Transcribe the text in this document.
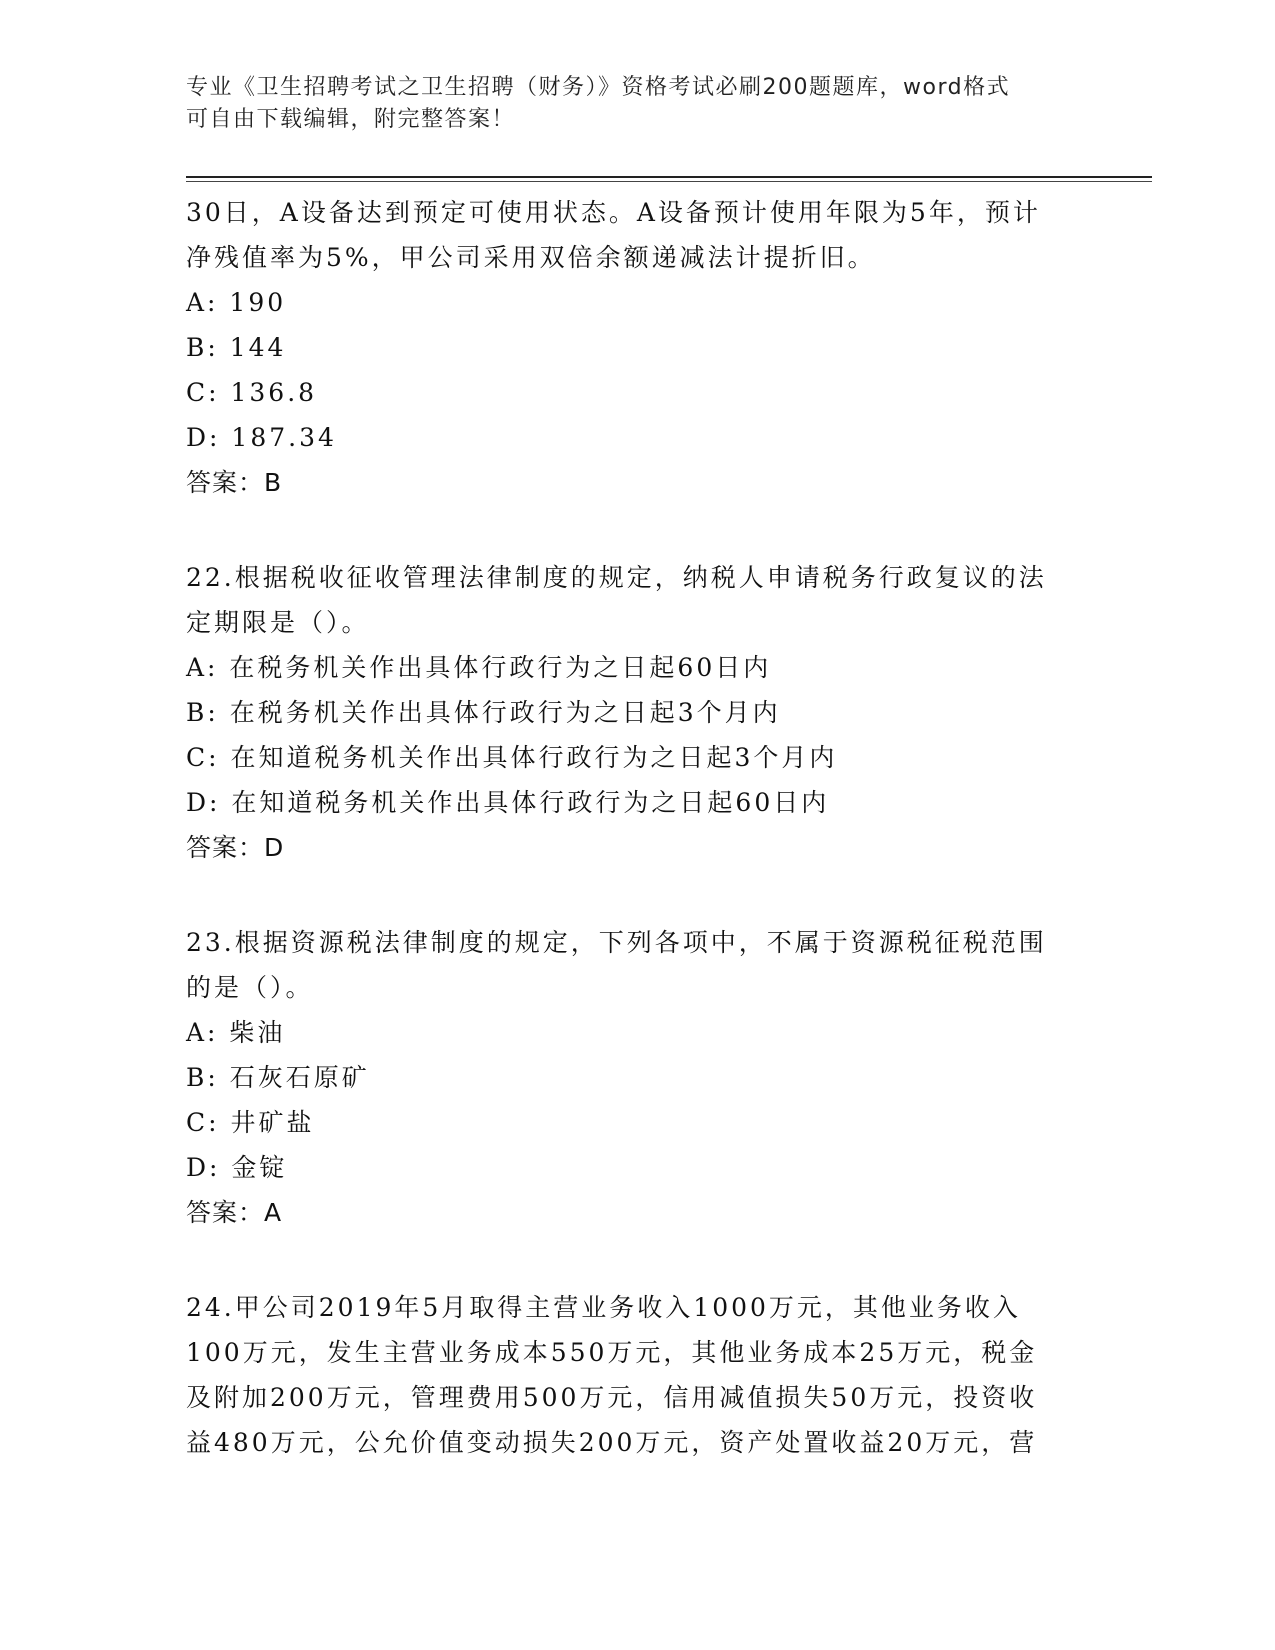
专业《卫生招聘考试之卫生招聘（财务）》资格考试必刷200题题库，word格式
可自由下载编辑，附完整答案！
30日，A设备达到预定可使用状态。A设备预计使用年限为5年，预计
净残值率为5%，甲公司采用双倍余额递减法计提折旧。
A: 190
B: 144
C: 136.8
D: 187.34
答案：B
22.根据税收征收管理法律制度的规定，纳税人申请税务行政复议的法
定期限是（）。
A: 在税务机关作出具体行政行为之日起60日内
B: 在税务机关作出具体行政行为之日起3个月内
C: 在知道税务机关作出具体行政行为之日起3个月内
D: 在知道税务机关作出具体行政行为之日起60日内
答案：D
23.根据资源税法律制度的规定，下列各项中，不属于资源税征税范围
的是（）。
A: 柴油
B: 石灰石原矿
C: 井矿盐
D: 金锭
答案：A
24.甲公司2019年5月取得主营业务收入1000万元，其他业务收入
100万元，发生主营业务成本550万元，其他业务成本25万元，税金
及附加200万元，管理费用500万元，信用减值损失50万元，投资收
益480万元，公允价值变动损失200万元，资产处置收益20万元，营
